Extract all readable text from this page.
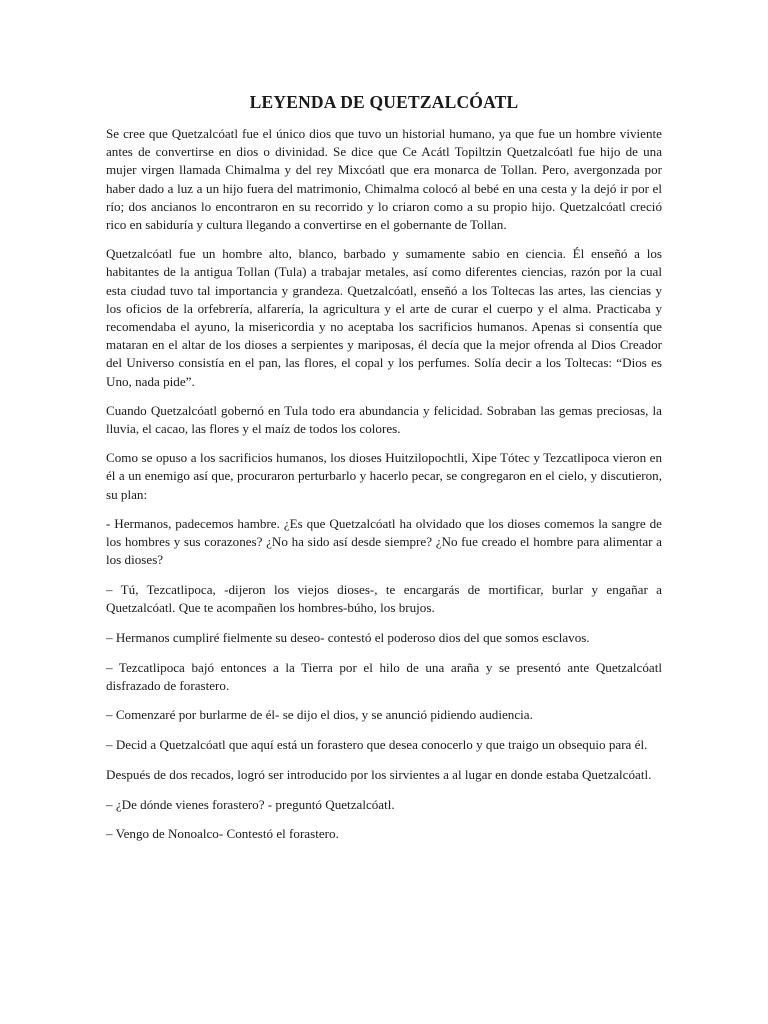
LEYENDA DE QUETZALCÓATL

Se cree que Quetzalcóatl fue el único dios que tuvo un historial humano, ya que fue un hombre viviente antes de convertirse en dios o divinidad. Se dice que Ce Acátl Topiltzin Quetzalcóatl fue hijo de una mujer virgen llamada Chimalma y del rey Mixcóatl que era monarca de Tollan. Pero, avergonzada por haber dado a luz a un hijo fuera del matrimonio, Chimalma colocó al bebé en una cesta y la dejó ir por el río; dos ancianos lo encontraron en su recorrido y lo criaron como a su propio hijo. Quetzalcóatl creció rico en sabiduría y cultura llegando a convertirse en el gobernante de Tollan.

Quetzalcóatl fue un hombre alto, blanco, barbado y sumamente sabio en ciencia. Él enseñó a los habitantes de la antigua Tollan (Tula) a trabajar metales, así como diferentes ciencias, razón por la cual esta ciudad tuvo tal importancia y grandeza. Quetzalcóatl, enseñó a los Toltecas las artes, las ciencias y los oficios de la orfebrería, alfarería, la agricultura y el arte de curar el cuerpo y el alma. Practicaba y recomendaba el ayuno, la misericordia y no aceptaba los sacrificios humanos. Apenas si consentía que mataran en el altar de los dioses a serpientes y mariposas, él decía que la mejor ofrenda al Dios Creador del Universo consistía en el pan, las flores, el copal y los perfumes. Solía decir a los Toltecas: “Dios es Uno, nada pide”.

Cuando Quetzalcóatl gobernó en Tula todo era abundancia y felicidad. Sobraban las gemas preciosas, la lluvia, el cacao, las flores y el maíz de todos los colores.

Como se opuso a los sacrificios humanos, los dioses Huitzilopochtli, Xipe Tótec y Tezcatlipoca vieron en él a un enemigo así que, procuraron perturbarlo y hacerlo pecar, se congregaron en el cielo, y discutieron, su plan:

- Hermanos, padecemos hambre. ¿Es que Quetzalcóatl ha olvidado que los dioses comemos la sangre de los hombres y sus corazones? ¿No ha sido así desde siempre? ¿No fue creado el hombre para alimentar a los dioses?

– Tú, Tezcatlipoca, -dijeron los viejos dioses-, te encargarás de mortificar, burlar y engañar a Quetzalcóatl. Que te acompañen los hombres-búho, los brujos.

– Hermanos cumpliré fielmente su deseo- contestó el poderoso dios del que somos esclavos.

– Tezcatlipoca bajó entonces a la Tierra por el hilo de una araña y se presentó ante Quetzalcóatl disfrazado de forastero.

– Comenzaré por burlarme de él- se dijo el dios, y se anunció pidiendo audiencia.

– Decid a Quetzalcóatl que aquí está un forastero que desea conocerlo y que traigo un obsequio para él.

Después de dos recados, logró ser introducido por los sirvientes a al lugar en donde estaba Quetzalcóatl.

– ¿De dónde vienes forastero? - preguntó Quetzalcóatl.

– Vengo de Nonoalco- Contestó el forastero.
